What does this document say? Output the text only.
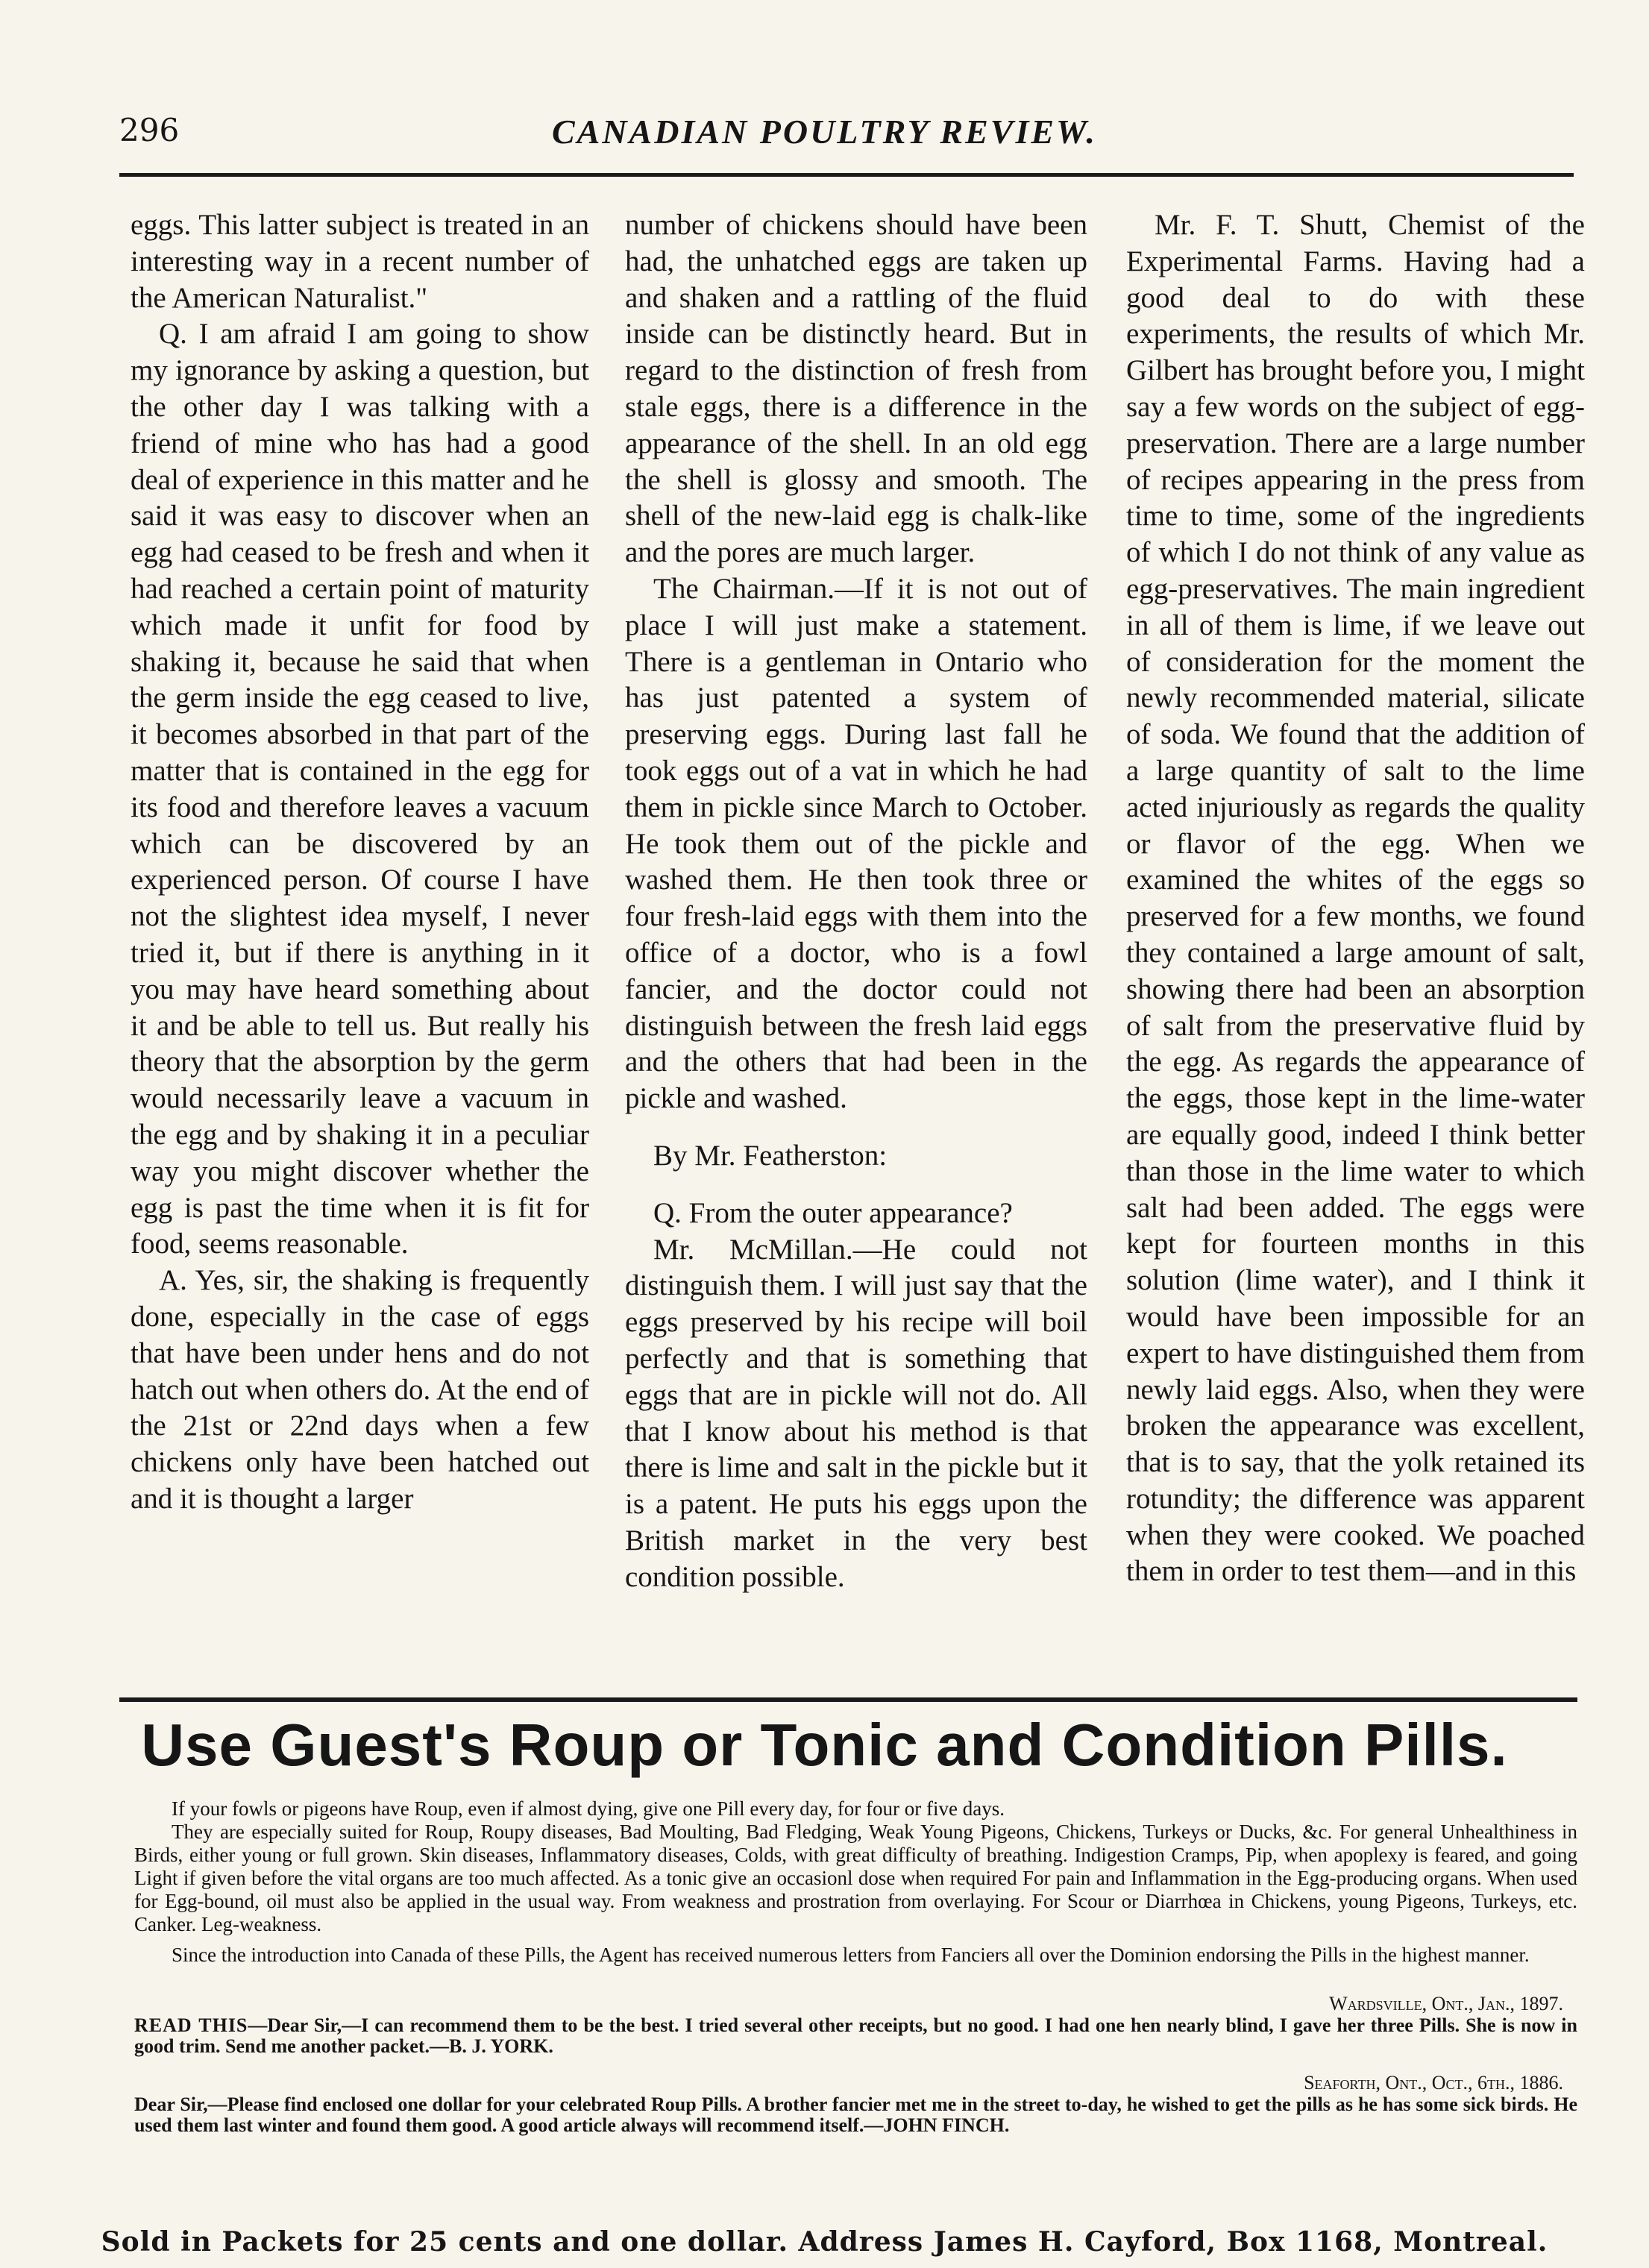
296	CANADIAN POULTRY REVIEW.

eggs. This latter subject is treated in an interesting way in a recent number of the American Naturalist."

Q. I am afraid I am going to show my ignorance by asking a question, but the other day I was talking with a friend of mine who has had a good deal of experience in this matter and he said it was easy to discover when an egg had ceased to be fresh and when it had reached a certain point of maturity which made it unfit for food by shaking it, because he said that when the germ inside the egg ceased to live, it becomes absorbed in that part of the matter that is contained in the egg for its food and therefore leaves a vacuum which can be discovered by an experienced person. Of course I have not the slightest idea myself, I never tried it, but if there is anything in it you may have heard something about it and be able to tell us. But really his theory that the absorption by the germ would necessarily leave a vacuum in the egg and by shaking it in a peculiar way you might discover whether the egg is past the time when it is fit for food, seems reasonable.

A. Yes, sir, the shaking is frequently done, especially in the case of eggs that have been under hens and do not hatch out when others do. At the end of the 21st or 22nd days when a few chickens only have been hatched out and it is thought a larger

number of chickens should have been had, the unhatched eggs are taken up and shaken and a rattling of the fluid inside can be distinctly heard. But in regard to the distinction of fresh from stale eggs, there is a difference in the appearance of the shell. In an old egg the shell is glossy and smooth. The shell of the new-laid egg is chalk-like and the pores are much larger.

The Chairman.—If it is not out of place I will just make a statement. There is a gentleman in Ontario who has just patented a system of preserving eggs. During last fall he took eggs out of a vat in which he had them in pickle since March to October. He took them out of the pickle and washed them. He then took three or four fresh-laid eggs with them into the office of a doctor, who is a fowl fancier, and the doctor could not distinguish between the fresh laid eggs and the others that had been in the pickle and washed.

By Mr. Featherston:

Q. From the outer appearance?

Mr. McMillan.—He could not distinguish them. I will just say that the eggs preserved by his recipe will boil perfectly and that is something that eggs that are in pickle will not do. All that I know about his method is that there is lime and salt in the pickle but it is a patent. He puts his eggs upon the British market in the very best condition possible.

Mr. F. T. Shutt, Chemist of the Experimental Farms. Having had a good deal to do with these experiments, the results of which Mr. Gilbert has brought before you, I might say a few words on the subject of egg-preservation. There are a large number of recipes appearing in the press from time to time, some of the ingredients of which I do not think of any value as egg-preservatives. The main ingredient in all of them is lime, if we leave out of consideration for the moment the newly recommended material, silicate of soda. We found that the addition of a large quantity of salt to the lime acted injuriously as regards the quality or flavor of the egg. When we examined the whites of the eggs so preserved for a few months, we found they contained a large amount of salt, showing there had been an absorption of salt from the preservative fluid by the egg. As regards the appearance of the eggs, those kept in the lime-water are equally good, indeed I think better than those in the lime water to which salt had been added. The eggs were kept for fourteen months in this solution (lime water), and I think it would have been impossible for an expert to have distinguished them from newly laid eggs. Also, when they were broken the appearance was excellent, that is to say, that the yolk retained its rotundity; the difference was apparent when they were cooked. We poached them in order to test them—and in this

Use Guest's Roup or Tonic and Condition Pills.

If your fowls or pigeons have Roup, even if almost dying, give one Pill every day, for four or five days.

They are especially suited for Roup, Roupy diseases, Bad Moulting, Bad Fledging, Weak Young Pigeons, Chickens, Turkeys or Ducks, &c. For general Unhealthiness in Birds, either young or full grown. Skin diseases, Inflammatory diseases, Colds, with great difficulty of breathing. Indigestion Cramps, Pip, when apoplexy is feared, and going Light if given before the vital organs are too much affected. As a tonic give an occasionl dose when required For pain and Inflammation in the Egg-producing organs. When used for Egg-bound, oil must also be applied in the usual way. From weakness and prostration from overlaying. For Scour or Diarrhœa in Chickens, young Pigeons, Turkeys, etc. Canker. Leg-weakness.

Since the introduction into Canada of these Pills, the Agent has received numerous letters from Fanciers all over the Dominion endorsing the Pills in the highest manner.

Wardsville, Ont., Jan., 1897.
READ THIS—Dear Sir,—I can recommend them to be the best. I tried several other receipts, but no good. I had one hen nearly blind, I gave her three Pills. She is now in good trim. Send me another packet.—B. J. YORK.
Seaforth, Ont., Oct., 6th., 1886.
Dear Sir,—Please find enclosed one dollar for your celebrated Roup Pills. A brother fancier met me in the street to-day, he wished to get the pills as he has some sick birds. He used them last winter and found them good. A good article always will recommend itself.—JOHN FINCH.
Sold in Packets for 25 cents and one dollar. Address James H. Cayford, Box 1168, Montreal.
